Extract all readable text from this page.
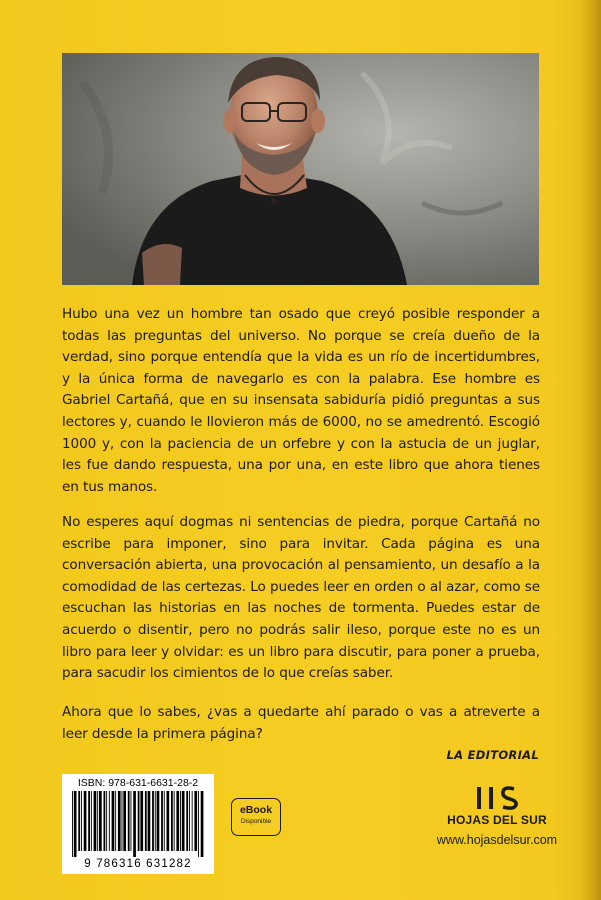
Hubo una vez un hombre tan osado que creyó posible responder a todas las preguntas del universo. No porque se creía dueño de la verdad, sino porque entendía que la vida es un río de incertidumbres, y la única forma de navegarlo es con la palabra. Ese hombre es Gabriel Cartañá, que en su insensata sabiduría pidió preguntas a sus lectores y, cuando le llovieron más de 6000, no se amedrentó. Escogió 1000 y, con la paciencia de un orfebre y con la astucia de un juglar, les fue dando respuesta, una por una, en este libro que ahora tienes en tus manos.
No esperes aquí dogmas ni sentencias de piedra, porque Cartañá no escribe para imponer, sino para invitar. Cada página es una conversación abierta, una provocación al pensamiento, un desafío a la comodidad de las certezas. Lo puedes leer en orden o al azar, como se escuchan las historias en las noches de tormenta. Puedes estar de acuerdo o disentir, pero no podrás salir ileso, porque este no es un libro para leer y olvidar: es un libro para discutir, para poner a prueba, para sacudir los cimientos de lo que creías saber.
Ahora que lo sabes, ¿vas a quedarte ahí parado o vas a atreverte a leer desde la primera página?
LA EDITORIAL
ISBN: 978-631-6631-28-2
9 786316 631282
eBook
Disponible	HOJAS DEL SUR
www.hojasdelsur.com
